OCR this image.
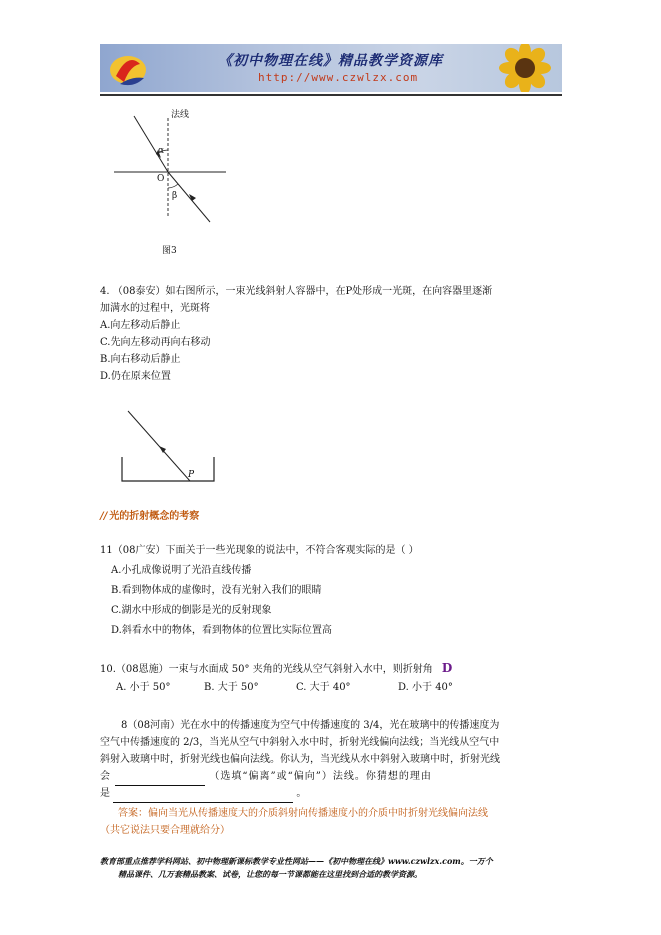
《初中物理在线》精品教学资源库
http://www.czwlzx.com
法线
α
O
β
图3
4. （08泰安）如右图所示，一束光线斜射人容器中，在P处形成一光斑，在向容器里逐渐
加满水的过程中，光斑将
A.向左移动后静止
C.先向左移动再向右移动
B.向右移动后静止
D.仍在原来位置
P
// 光的折射概念的考察
11（08广安）下面关于一些光现象的说法中，不符合客观实际的是（ ）
A.小孔成像说明了光沿直线传播
B.看到物体成的虚像时，没有光射入我们的眼睛
C.湖水中形成的倒影是光的反射现象
D.斜看水中的物体，看到物体的位置比实际位置高
10.（08恩施）一束与水面成 50° 夹角的光线从空气斜射入水中，则折射角 D
A. 小于 50°	B. 大于 50°	C. 大于 40°	D. 小于 40°
8（08河南）光在水中的传播速度为空气中传播速度的 3/4，光在玻璃中的传播速度为
空气中传播速度的 2/3，当光从空气中斜射入水中时，折射光线偏向法线；当光线从空气中
斜射入玻璃中时，折射光线也偏向法线。你认为，当光线从水中斜射入玻璃中时，折射光线
会	（选填“偏离”或“偏向”）法线。你猜想的理由
是	。
答案：偏向当光从传播速度大的介质斜射向传播速度小的介质中时折射光线偏向法线
（共它说法只要合理就给分）
教育部重点推荐学科网站、初中物理新课标教学专业性网站——《初中物理在线》www.czwlzx.com。一万个
精品课件、几万套精品教案、试卷，让您的每一节课都能在这里找到合适的教学资源。
